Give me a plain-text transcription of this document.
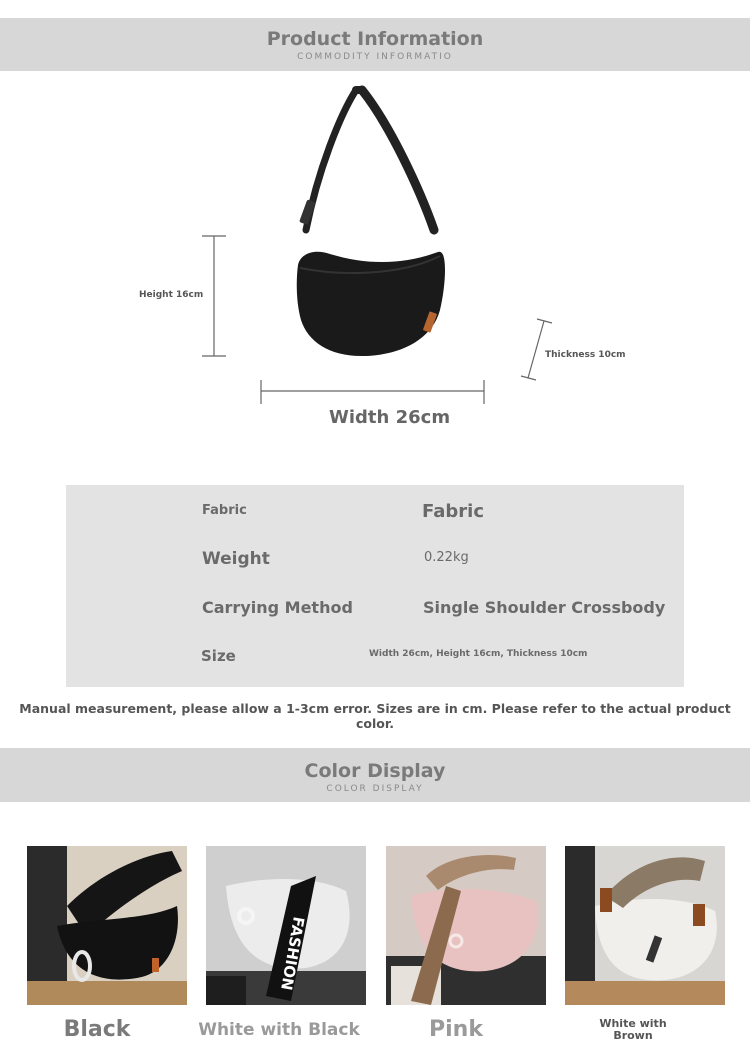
Product Information
COMMODITY INFORMATIO
Height 16cm
Thickness 10cm
Width 26cm
Fabric	Fabric
Weight	0.22kg
Carrying Method	Single Shoulder Crossbody
Size	Width 26cm, Height 16cm, Thickness 10cm
Manual measurement, please allow a 1-3cm error. Sizes are in cm. Please refer to the actual product color.
Color Display
COLOR DISPLAY
Black
FASHION
White with Black	Pink	White with
Brown
